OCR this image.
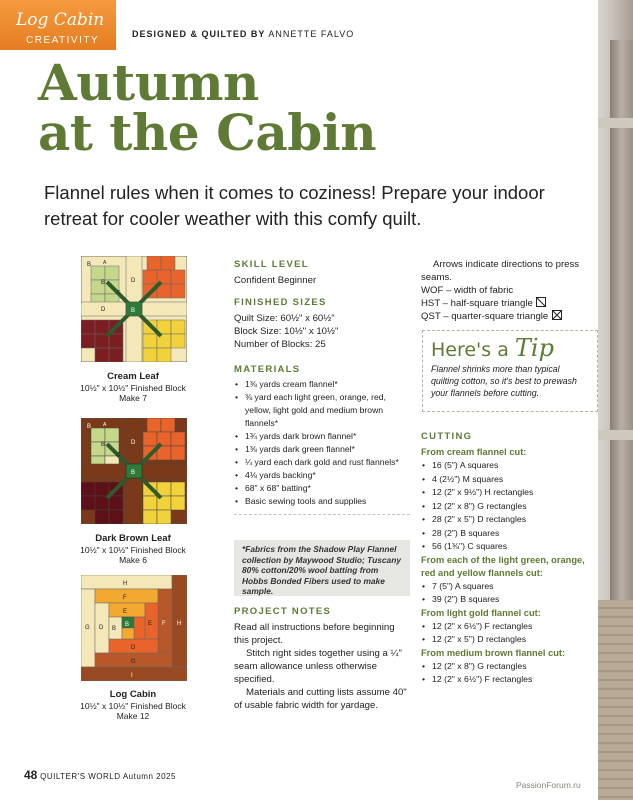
Log Cabin
CREATIVITY
DESIGNED & QUILTED BY ANNETTE FALVO
Autumn
at the Cabin
Flannel rules when it comes to coziness! Prepare your indoor retreat for cooler weather with this comfy quilt.
B A
B	D
C
D	B
Cream Leaf
10½" x 10½" Finished Block
Make 7
B A
B	D
C
B
Dark Brown Leaf
10½" x 10½" Finished Block
Make 6
H
H
F
F
E
E
G D B
B
D
G
I
Log Cabin
10½" x 10½" Finished Block
Make 12
SKILL LEVEL
Confident Beginner
FINISHED SIZES
Quilt Size: 60½" x 60½"
Block Size: 10½" x 10½"
Number of Blocks: 25
MATERIALS
• 1⅜ yards cream flannel*
• ⅜ yard each light green, orange, red, yellow, light gold and medium brown flannels*
• 1¾ yards dark brown flannel*
• 1⅜ yards dark green flannel*
• ¼ yard each dark gold and rust flannels*
• 4⅛ yards backing*
• 68" x 68" batting*
• Basic sewing tools and supplies
*Fabrics from the Shadow Play Flannel collection by Maywood Studio; Tuscany 80% cotton/20% wool batting from Hobbs Bonded Fibers used to make sample.
PROJECT NOTES
Read all instructions before beginning this project.
Stitch right sides together using a ¼" seam allowance unless otherwise specified.
Materials and cutting lists assume 40" of usable fabric width for yardage.
Arrows indicate directions to press seams.
WOF – width of fabric
HST – half-square triangle
QST – quarter-square triangle
Here's a Tip
Flannel shrinks more than typical quilting cotton, so it's best to prewash your flannels before cutting.
CUTTING
From cream flannel cut:
• 16 (5") A squares
• 4 (2½") M squares
• 12 (2" x 9½") H rectangles
• 12 (2" x 8") G rectangles
• 28 (2" x 5") D rectangles
• 28 (2") B squares
• 56 (1⅜") C squares
From each of the light green, orange, red and yellow flannels cut:
• 7 (5") A squares
• 39 (2") B squares
From light gold flannel cut:
• 12 (2" x 6½") F rectangles
• 12 (2" x 5") D rectangles
From medium brown flannel cut:
• 12 (2" x 8") G rectangles
• 12 (2" x 6½") F rectangles
48 QUILTER'S WORLD Autumn 2025
PassionForum.ru
